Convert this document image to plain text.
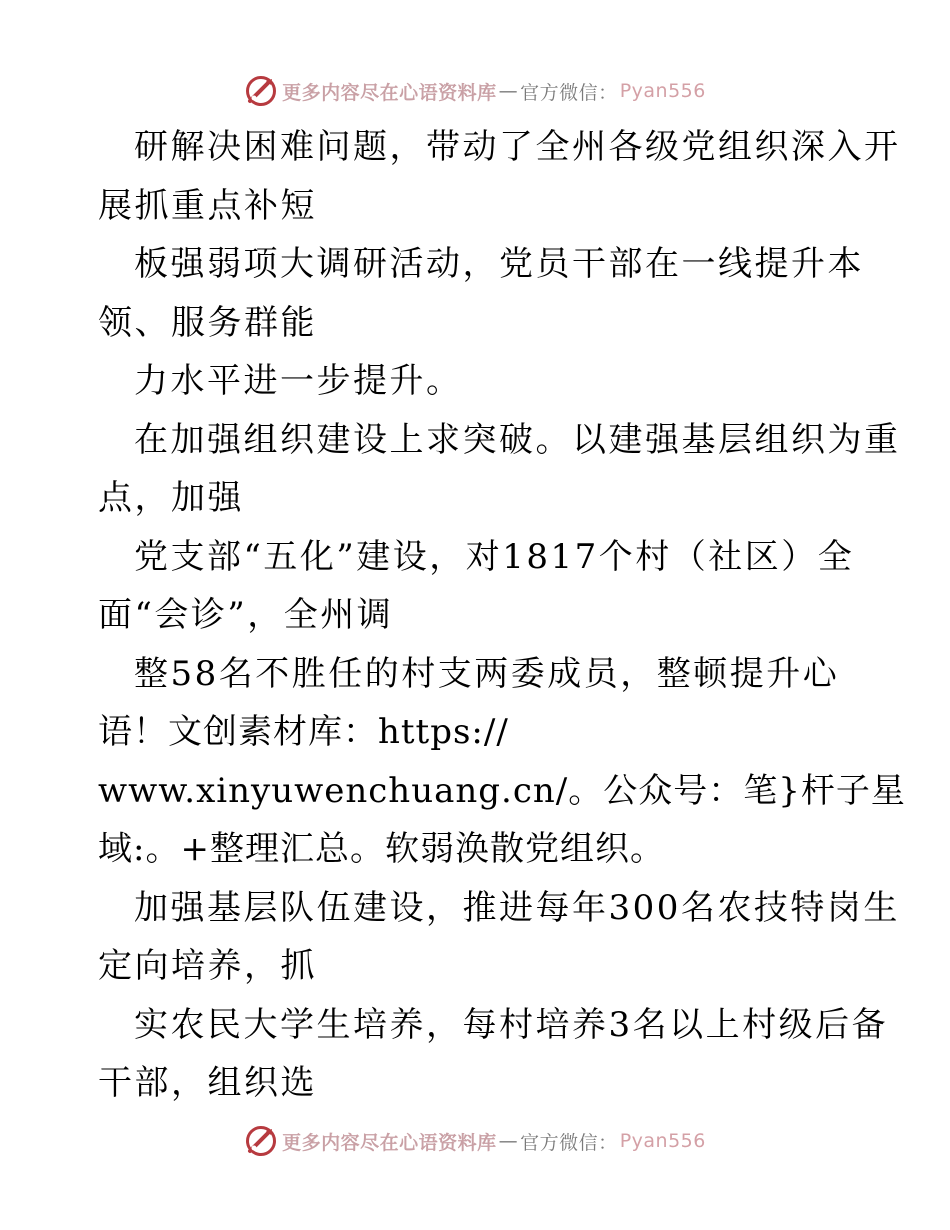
更多内容尽在心语资料库 — 官方微信： Pyan556
研解决困难问题，带动了全州各级党组织深入开
展抓重点补短
板强弱项大调研活动，党员干部在一线提升本
领、服务群能
力水平进一步提升。
在加强组织建设上求突破。以建强基层组织为重
点，加强
党支部“五化”建设，对1817个村（社区）全
面“会诊”，全州调
整58名不胜任的村支两委成员，整顿提升心
语！文创素材库：https://
www.xinyuwenchuang.cn/。公众号：笔}杆子星
域:。+整理汇总。软弱涣散党组织。
加强基层队伍建设，推进每年300名农技特岗生
定向培养，抓
实农民大学生培养，每村培养3名以上村级后备
干部，组织选
更多内容尽在心语资料库 — 官方微信： Pyan556
